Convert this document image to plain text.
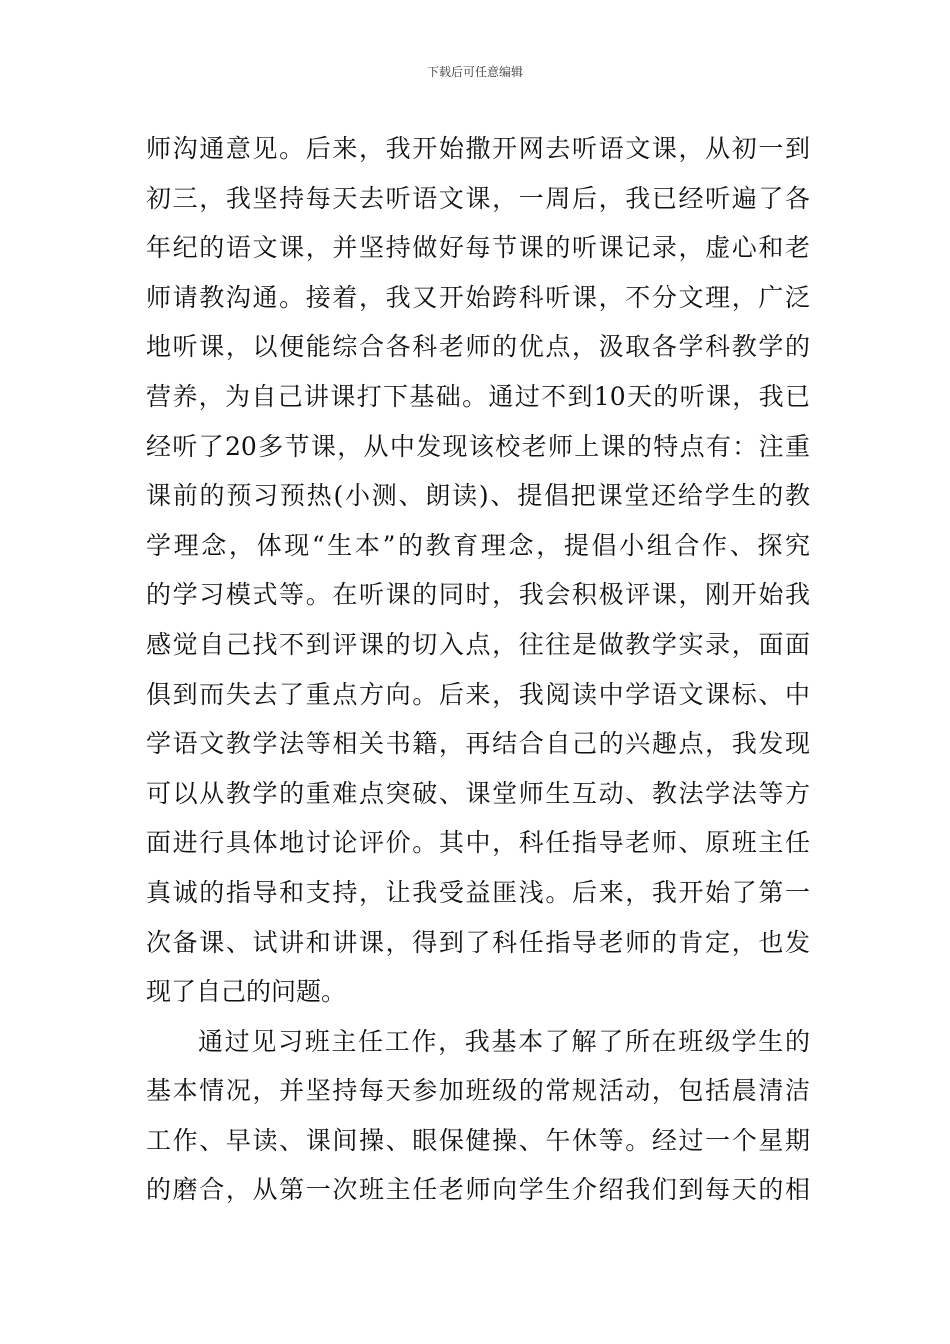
下载后可任意编辑
师沟通意见。后来，我开始撒开网去听语文课，从初一到
初三，我坚持每天去听语文课，一周后，我已经听遍了各
年纪的语文课，并坚持做好每节课的听课记录，虚心和老
师请教沟通。接着，我又开始跨科听课，不分文理，广泛
地听课，以便能综合各科老师的优点，汲取各学科教学的
营养，为自己讲课打下基础。通过不到10天的听课，我已
经听了20多节课，从中发现该校老师上课的特点有：注重
课前的预习预热(小测、朗读)、提倡把课堂还给学生的教
学理念，体现“生本”的教育理念，提倡小组合作、探究
的学习模式等。在听课的同时，我会积极评课，刚开始我
感觉自己找不到评课的切入点，往往是做教学实录，面面
俱到而失去了重点方向。后来，我阅读中学语文课标、中
学语文教学法等相关书籍，再结合自己的兴趣点，我发现
可以从教学的重难点突破、课堂师生互动、教法学法等方
面进行具体地讨论评价。其中，科任指导老师、原班主任
真诚的指导和支持，让我受益匪浅。后来，我开始了第一
次备课、试讲和讲课，得到了科任指导老师的肯定，也发
现了自己的问题。
通过见习班主任工作，我基本了解了所在班级学生的
基本情况，并坚持每天参加班级的常规活动，包括晨清洁
工作、早读、课间操、眼保健操、午休等。经过一个星期
的磨合，从第一次班主任老师向学生介绍我们到每天的相
